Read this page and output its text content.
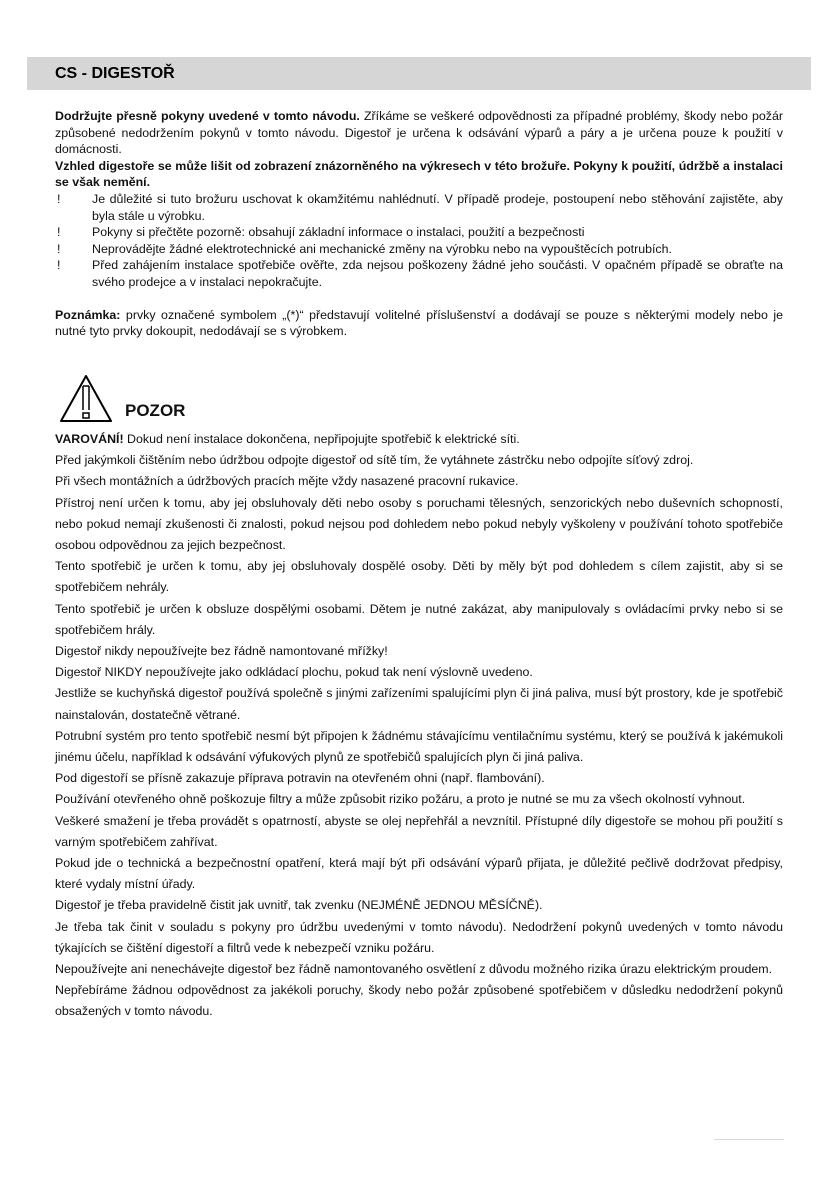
CS - DIGESTOŘ

Dodržujte přesně pokyny uvedené v tomto návodu. Zříkáme se veškeré odpovědnosti za případné problémy, škody nebo požár způsobené nedodržením pokynů v tomto návodu. Digestoř je určena k odsávání výparů a páry a je určena pouze k použití v domácnosti.

Vzhled digestoře se může lišit od zobrazení znázorněného na výkresech v této brožuře. Pokyny k použití, údržbě a instalaci se však nemění.

!	Je důležité si tuto brožuru uschovat k okamžitému nahlédnutí. V případě prodeje, postoupení nebo stěhování zajistěte, aby byla stále u výrobku.
!	Pokyny si přečtěte pozorně: obsahují základní informace o instalaci, použití a bezpečnosti
!	Neprovádějte žádné elektrotechnické ani mechanické změny na výrobku nebo na vypouštěcích potrubích.
!	Před zahájením instalace spotřebiče ověřte, zda nejsou poškozeny žádné jeho součásti. V opačném případě se obraťte na svého prodejce a v instalaci nepokračujte.

Poznámka: prvky označené symbolem „(*)“ představují volitelné příslušenství a dodávají se pouze s některými modely nebo je nutné tyto prvky dokoupit, nedodávají se s výrobkem.

POZOR

VAROVÁNÍ! Dokud není instalace dokončena, nepřipojujte spotřebič k elektrické síti.

Před jakýmkoli čištěním nebo údržbou odpojte digestoř od sítě tím, že vytáhnete zástrčku nebo odpojíte síťový zdroj.

Při všech montážních a údržbových pracích mějte vždy nasazené pracovní rukavice.

Přístroj není určen k tomu, aby jej obsluhovaly děti nebo osoby s poruchami tělesných, senzorických nebo duševních schopností, nebo pokud nemají zkušenosti či znalosti, pokud nejsou pod dohledem nebo pokud nebyly vyškoleny v používání tohoto spotřebiče osobou odpovědnou za jejich bezpečnost.

Tento spotřebič je určen k tomu, aby jej obsluhovaly dospělé osoby. Děti by měly být pod dohledem s cílem zajistit, aby si se spotřebičem nehrály.

Tento spotřebič je určen k obsluze dospělými osobami. Dětem je nutné zakázat, aby manipulovaly s ovládacími prvky nebo si se spotřebičem hrály.

Digestoř nikdy nepoužívejte bez řádně namontované mřížky!

Digestoř NIKDY nepoužívejte jako odkládací plochu, pokud tak není výslovně uvedeno.

Jestliže se kuchyňská digestoř používá společně s jinými zařízeními spalujícími plyn či jiná paliva, musí být prostory, kde je spotřebič nainstalován, dostatečně větrané.

Potrubní systém pro tento spotřebič nesmí být připojen k žádnému stávajícímu ventilačnímu systému, který se používá k jakémukoli jinému účelu, například k odsávání výfukových plynů ze spotřebičů spalujících plyn či jiná paliva.

Pod digestoří se přísně zakazuje příprava potravin na otevřeném ohni (např. flambování).

Používání otevřeného ohně poškozuje filtry a může způsobit riziko požáru, a proto je nutné se mu za všech okolností vyhnout.

Veškeré smažení je třeba provádět s opatrností, abyste se olej nepřehřál a nevznítil. Přístupné díly digestoře se mohou při použití s varným spotřebičem zahřívat.

Pokud jde o technická a bezpečnostní opatření, která mají být při odsávání výparů přijata, je důležité pečlivě dodržovat předpisy, které vydaly místní úřady.

Digestoř je třeba pravidelně čistit jak uvnitř, tak zvenku (NEJMÉNĚ JEDNOU MĚSÍČNĚ).

Je třeba tak činit v souladu s pokyny pro údržbu uvedenými v tomto návodu). Nedodržení pokynů uvedených v tomto návodu týkajících se čištění digestoří a filtrů vede k nebezpečí vzniku požáru.

Nepoužívejte ani nenechávejte digestoř bez řádně namontovaného osvětlení z důvodu možného rizika úrazu elektrickým proudem.

Nepřebíráme žádnou odpovědnost za jakékoli poruchy, škody nebo požár způsobené spotřebičem v důsledku nedodržení pokynů obsažených v tomto návodu.
